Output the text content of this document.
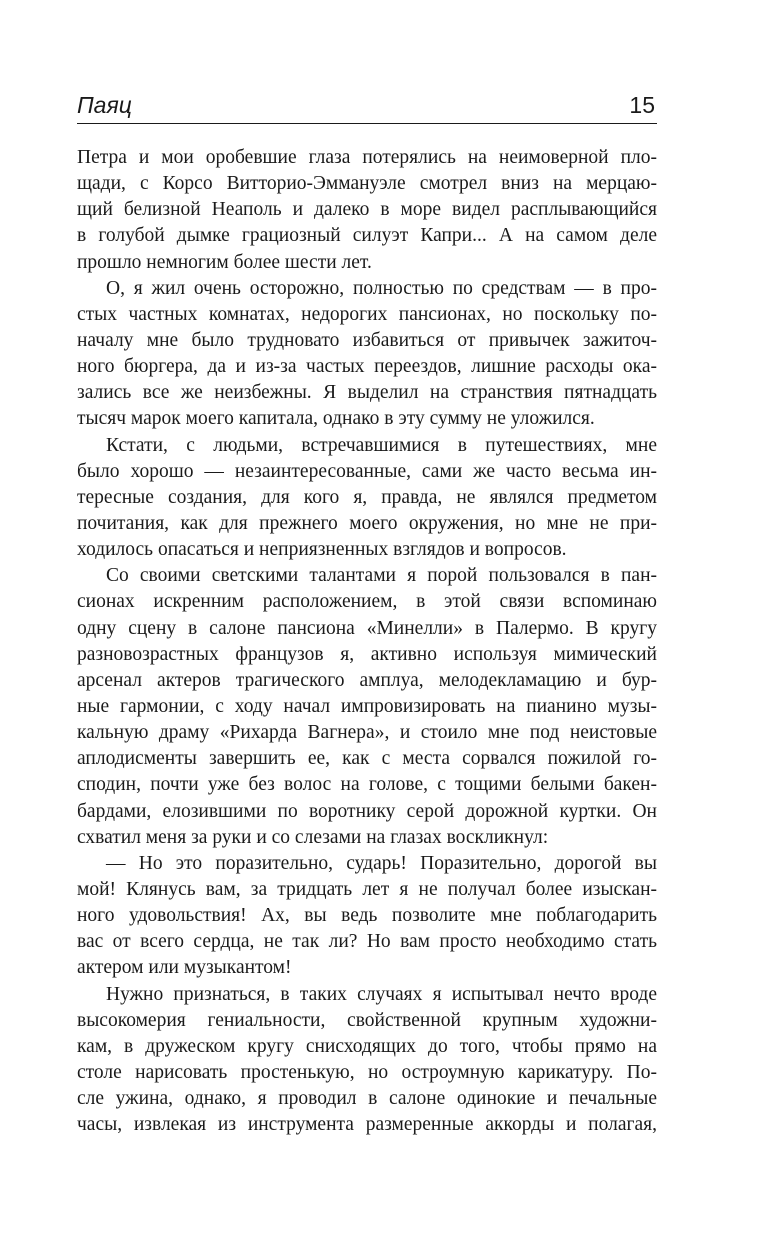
Паяц	15
Петра и мои оробевшие глаза потерялись на неимоверной пло-
щади, с Корсо Витторио-Эммануэле смотрел вниз на мерцаю-
щий белизной Неаполь и далеко в море видел расплывающийся
в голубой дымке грациозный силуэт Капри... А на самом деле
прошло немногим более шести лет.
О, я жил очень осторожно, полностью по средствам — в про-
стых частных комнатах, недорогих пансионах, но поскольку по-
началу мне было трудновато избавиться от привычек зажиточ-
ного бюргера, да и из-за частых переездов, лишние расходы ока-
зались все же неизбежны. Я выделил на странствия пятнадцать
тысяч марок моего капитала, однако в эту сумму не уложился.
Кстати, с людьми, встречавшимися в путешествиях, мне
было хорошо — незаинтересованные, сами же часто весьма ин-
тересные создания, для кого я, правда, не являлся предметом
почитания, как для прежнего моего окружения, но мне не при-
ходилось опасаться и неприязненных взглядов и вопросов.
Со своими светскими талантами я порой пользовался в пан-
сионах искренним расположением, в этой связи вспоминаю
одну сцену в салоне пансиона «Минелли» в Палермо. В кругу
разновозрастных французов я, активно используя мимический
арсенал актеров трагического амплуа, мелодекламацию и бур-
ные гармонии, с ходу начал импровизировать на пианино музы-
кальную драму «Рихарда Вагнера», и стоило мне под неистовые
аплодисменты завершить ее, как с места сорвался пожилой го-
сподин, почти уже без волос на голове, с тощими белыми бакен-
бардами, елозившими по воротнику серой дорожной куртки. Он
схватил меня за руки и со слезами на глазах воскликнул:
— Но это поразительно, сударь! Поразительно, дорогой вы
мой! Клянусь вам, за тридцать лет я не получал более изыскан-
ного удовольствия! Ах, вы ведь позволите мне поблагодарить
вас от всего сердца, не так ли? Но вам просто необходимо стать
актером или музыкантом!
Нужно признаться, в таких случаях я испытывал нечто вроде
высокомерия гениальности, свойственной крупным художни-
кам, в дружеском кругу снисходящих до того, чтобы прямо на
столе нарисовать простенькую, но остроумную карикатуру. По-
сле ужина, однако, я проводил в салоне одинокие и печальные
часы, извлекая из инструмента размеренные аккорды и полагая,
